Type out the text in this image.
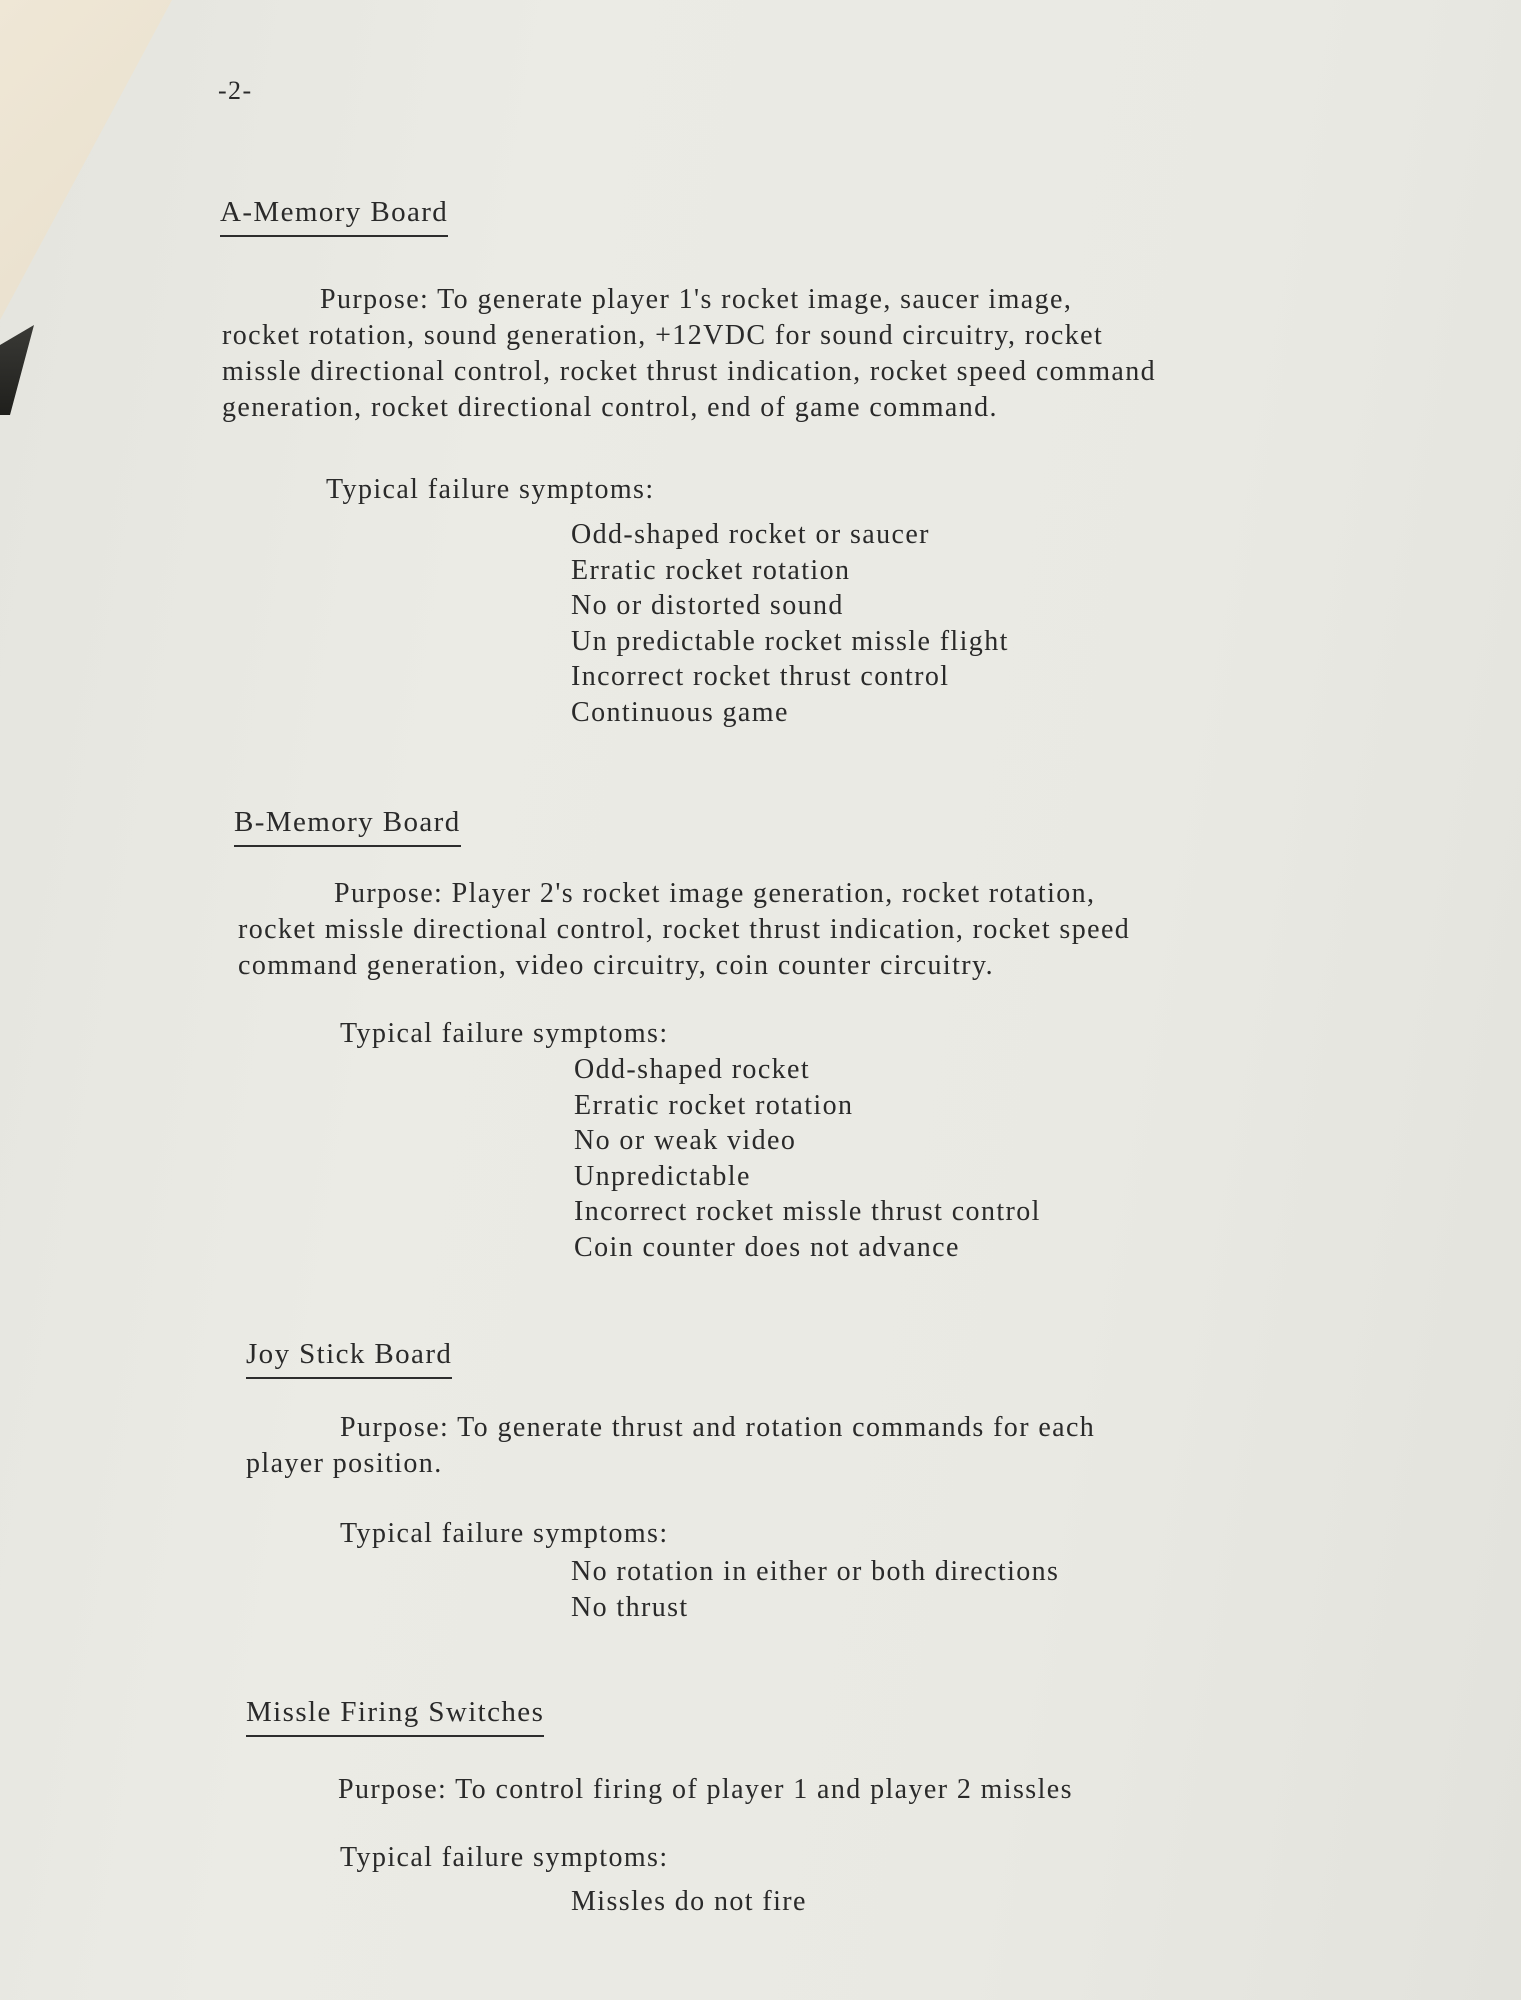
-2-
A-Memory Board
Purpose: To generate player 1's rocket image, saucer image,
rocket rotation, sound generation, +12VDC for sound circuitry, rocket
missle directional control, rocket thrust indication, rocket speed command
generation, rocket directional control, end of game command.
Typical failure symptoms:
Odd-shaped rocket or saucer
Erratic rocket rotation
No or distorted sound
Un predictable rocket missle flight
Incorrect rocket thrust control
Continuous game
B-Memory Board
Purpose: Player 2's rocket image generation, rocket rotation,
rocket missle directional control, rocket thrust indication, rocket speed
command generation, video circuitry, coin counter circuitry.
Typical failure symptoms:
Odd-shaped rocket
Erratic rocket rotation
No or weak video
Unpredictable
Incorrect rocket missle thrust control
Coin counter does not advance
Joy Stick Board
Purpose: To generate thrust and rotation commands for each
player position.
Typical failure symptoms:
No rotation in either or both directions
No thrust
Missle Firing Switches
Purpose: To control firing of player 1 and player 2 missles
Typical failure symptoms:
Missles do not fire
